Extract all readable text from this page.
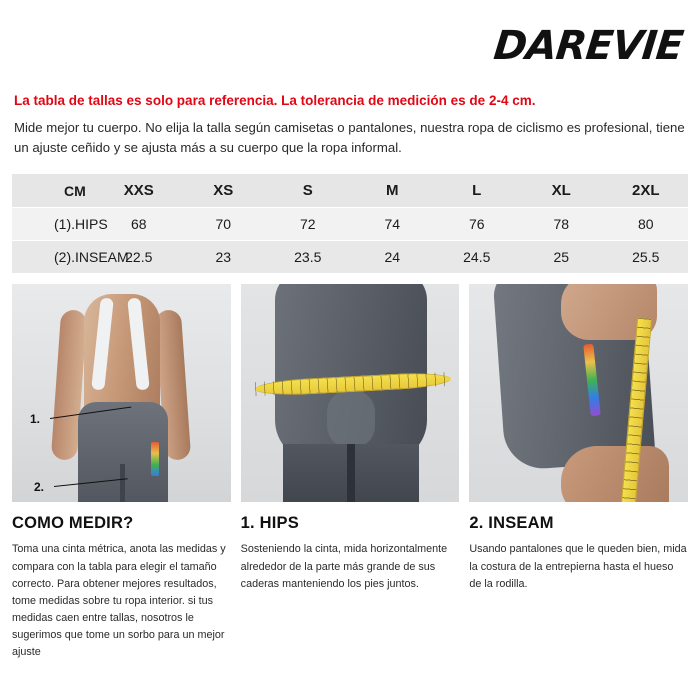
DAREVIE

La tabla de tallas es solo para referencia. La tolerancia de medición es de 2-4 cm.

Mide mejor tu cuerpo. No elija la talla según camisetas o pantalones, nuestra ropa de ciclismo es profesional, tiene un ajuste ceñido y se ajusta más a su cuerpo que la ropa informal.

CM	XXS	XS	S	M	L	XL	2XL
(1).HIPS	68	70	72	74	76	78	80
(2).INSEAM	22.5	23	23.5	24	24.5	25	25.5
1.
2.
COMO MEDIR?

Toma una cinta métrica, anota las medidas y compara con la tabla para elegir el tamaño correcto. Para obtener mejores resultados, tome medidas sobre tu ropa interior. si tus medidas caen entre tallas, nosotros le sugerimos que tome un sorbo para un mejor ajuste

1. HIPS

Sosteniendo la cinta, mida horizontalmente alrededor de la parte más grande de sus caderas manteniendo los pies juntos.

2. INSEAM

Usando pantalones que le queden bien, mida la costura de la entrepierna hasta el hueso de la rodilla.
